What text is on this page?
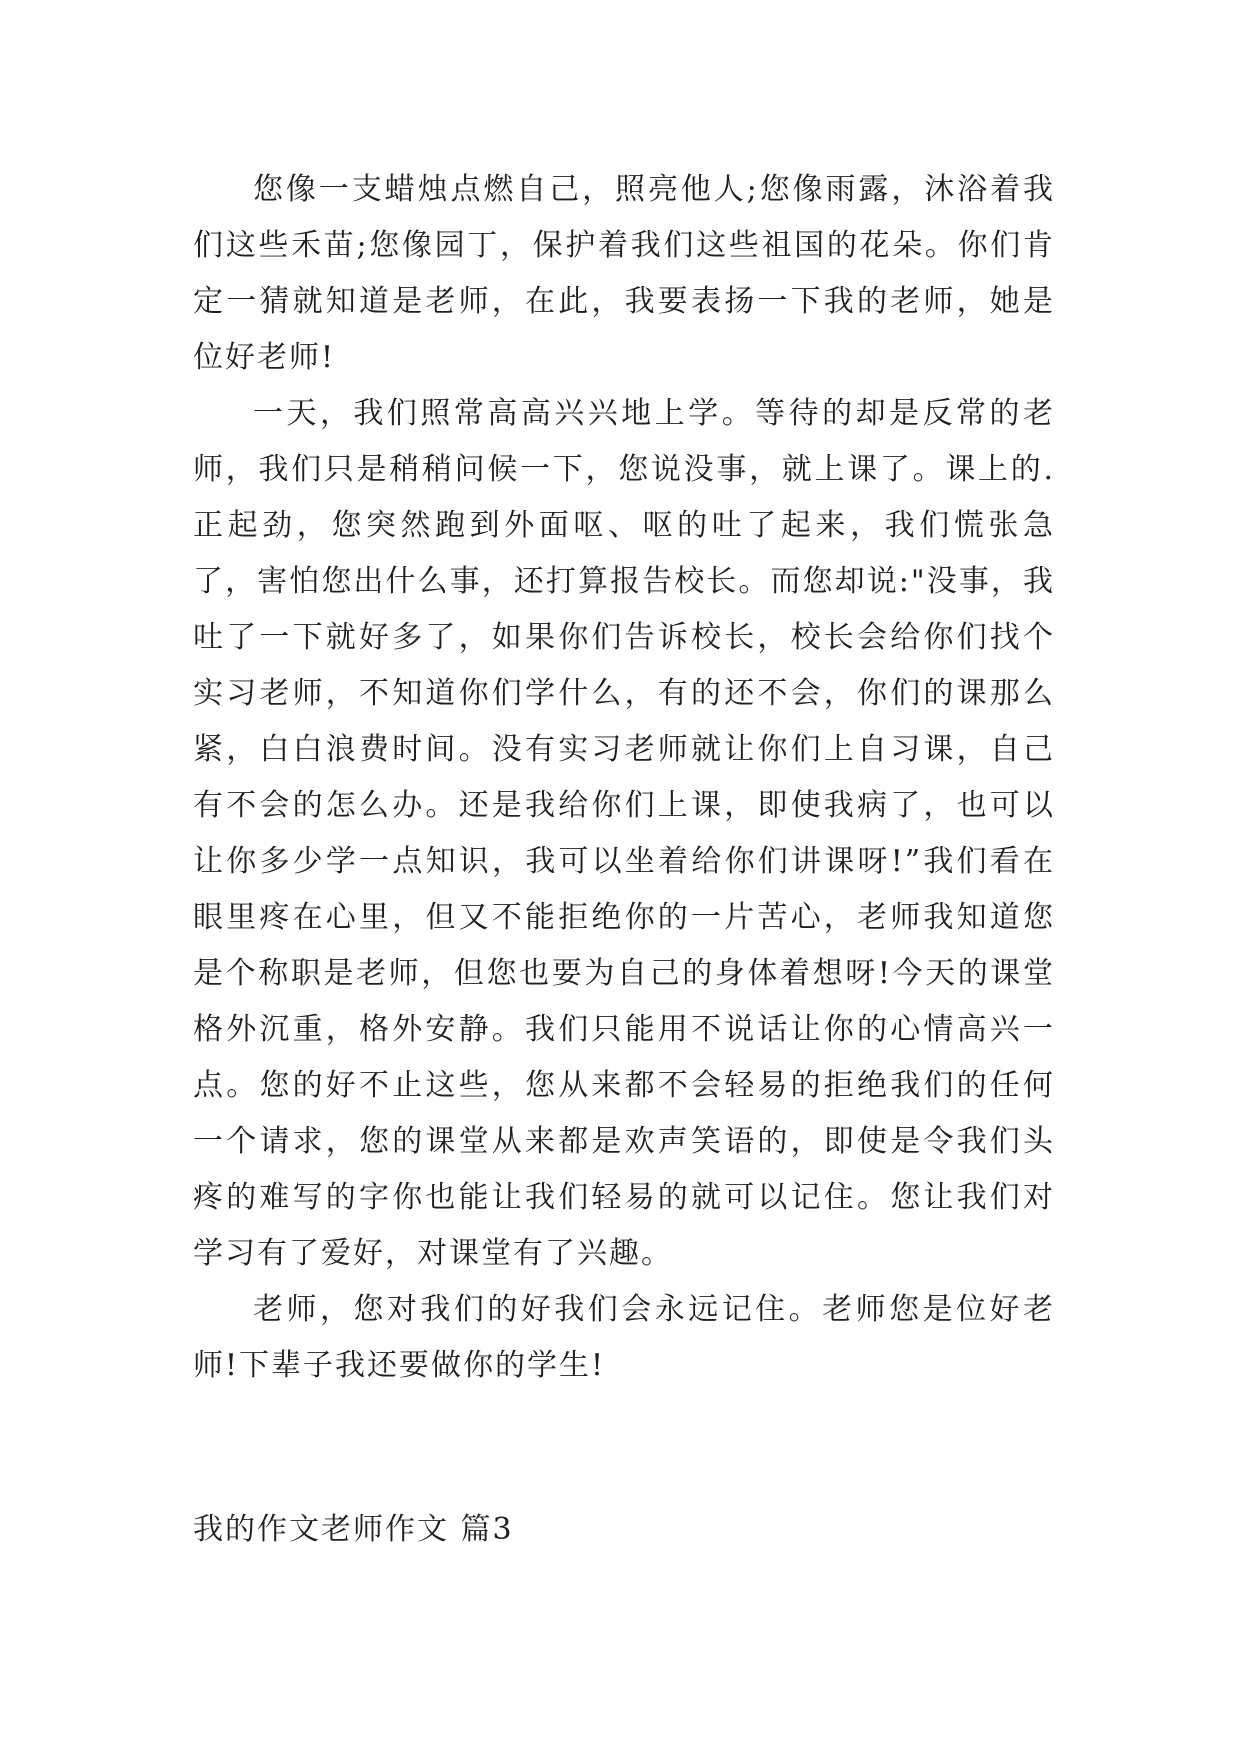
您像一支蜡烛点燃自己，照亮他人;您像雨露，沐浴着我们这些禾苗;您像园丁，保护着我们这些祖国的花朵。你们肯定一猜就知道是老师，在此，我要表扬一下我的老师，她是位好老师!

一天，我们照常高高兴兴地上学。等待的却是反常的老师，我们只是稍稍问候一下，您说没事，就上课了。课上的.正起劲，您突然跑到外面呕、呕的吐了起来，我们慌张急了，害怕您出什么事，还打算报告校长。而您却说:"没事，我吐了一下就好多了，如果你们告诉校长，校长会给你们找个实习老师，不知道你们学什么，有的还不会，你们的课那么紧，白白浪费时间。没有实习老师就让你们上自习课，自己有不会的怎么办。还是我给你们上课，即使我病了，也可以让你多少学一点知识，我可以坐着给你们讲课呀!”我们看在眼里疼在心里，但又不能拒绝你的一片苦心，老师我知道您是个称职是老师，但您也要为自己的身体着想呀!今天的课堂格外沉重，格外安静。我们只能用不说话让你的心情高兴一点。您的好不止这些，您从来都不会轻易的拒绝我们的任何一个请求，您的课堂从来都是欢声笑语的，即使是令我们头疼的难写的字你也能让我们轻易的就可以记住。您让我们对学习有了爱好，对课堂有了兴趣。

老师，您对我们的好我们会永远记住。老师您是位好老师!下辈子我还要做你的学生!

我的作文老师作文 篇3
